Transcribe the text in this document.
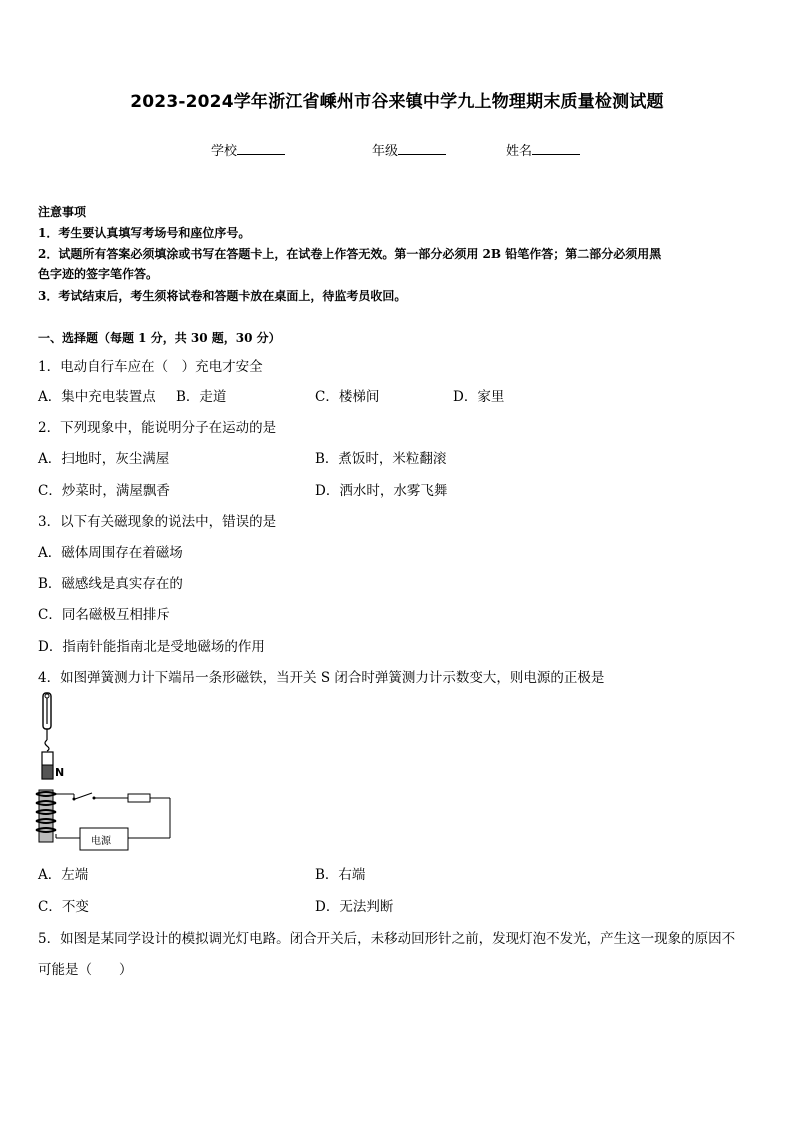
2023-2024学年浙江省嵊州市谷来镇中学九上物理期末质量检测试题
学校	年级	姓名
注意事项
1．考生要认真填写考场号和座位序号。
2．试题所有答案必须填涂或书写在答题卡上，在试卷上作答无效。第一部分必须用 2B 铅笔作答；第二部分必须用黑
色字迹的签字笔作答。
3．考试结束后，考生须将试卷和答题卡放在桌面上，待监考员收回。
一、选择题（每题 1 分，共 30 题，30 分）
1．电动自行车应在（　）充电才安全
A．集中充电装置点 B．走道	C．楼梯间	D．家里
2．下列现象中，能说明分子在运动的是
A．扫地时，灰尘满屋	B．煮饭时，米粒翻滚
C．炒菜时，满屋飘香	D．洒水时，水雾飞舞
3．以下有关磁现象的说法中，错误的是
A．磁体周围存在着磁场
B．磁感线是真实存在的
C．同名磁极互相排斥
D．指南针能指南北是受地磁场的作用
4．如图弹簧测力计下端吊一条形磁铁，当开关 S 闭合时弹簧测力计示数变大，则电源的正极是
N
电源
A．左端	B．右端
C．不变	D．无法判断
5．如图是某同学设计的模拟调光灯电路。闭合开关后，未移动回形针之前，发现灯泡不发光，产生这一现象的原因不
可能是（　　）
